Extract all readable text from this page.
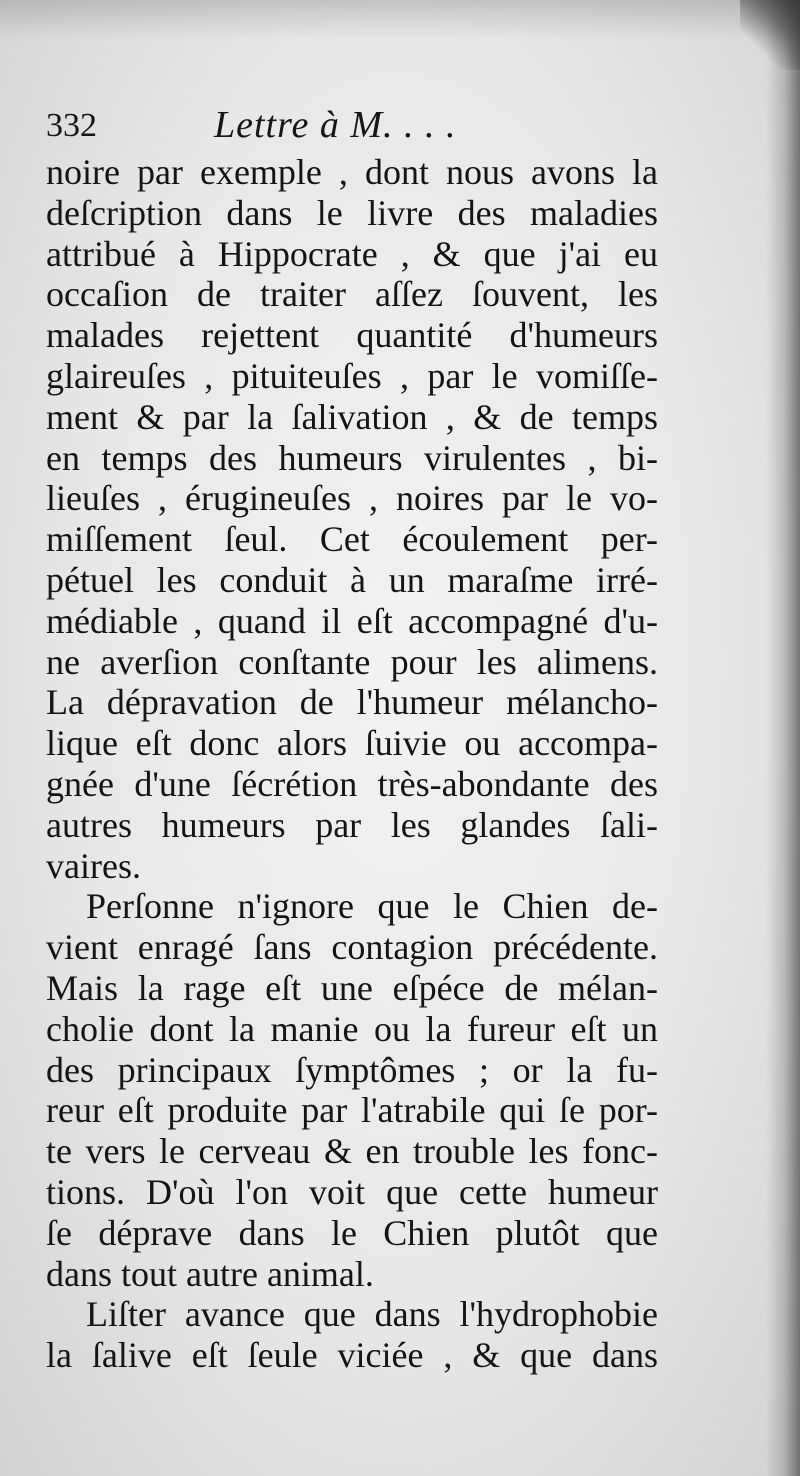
332	Lettre à M. . . .
noire par exemple , dont nous avons la
deſcription dans le livre des maladies
attribué à Hippocrate , & que j'ai eu
occaſion de traiter aſſez ſouvent, les
malades rejettent quantité d'humeurs
glaireuſes , pituiteuſes , par le vomiſſe-
ment & par la ſalivation , & de temps
en temps des humeurs virulentes , bi-
lieuſes , érugineuſes , noires par le vo-
miſſement ſeul. Cet écoulement per-
pétuel les conduit à un maraſme irré-
médiable , quand il eſt accompagné d'u-
ne averſion conſtante pour les alimens.
La dépravation de l'humeur mélancho-
lique eſt donc alors ſuivie ou accompa-
gnée d'une ſécrétion très-abondante des
autres humeurs par les glandes ſali-
vaires.
Perſonne n'ignore que le Chien de-
vient enragé ſans contagion précédente.
Mais la rage eſt une eſpéce de mélan-
cholie dont la manie ou la fureur eſt un
des principaux ſymptômes ; or la fu-
reur eſt produite par l'atrabile qui ſe por-
te vers le cerveau & en trouble les fonc-
tions. D'où l'on voit que cette humeur
ſe déprave dans le Chien plutôt que
dans tout autre animal.
Liſter avance que dans l'hydrophobie
la ſalive eſt ſeule viciée , & que dans
